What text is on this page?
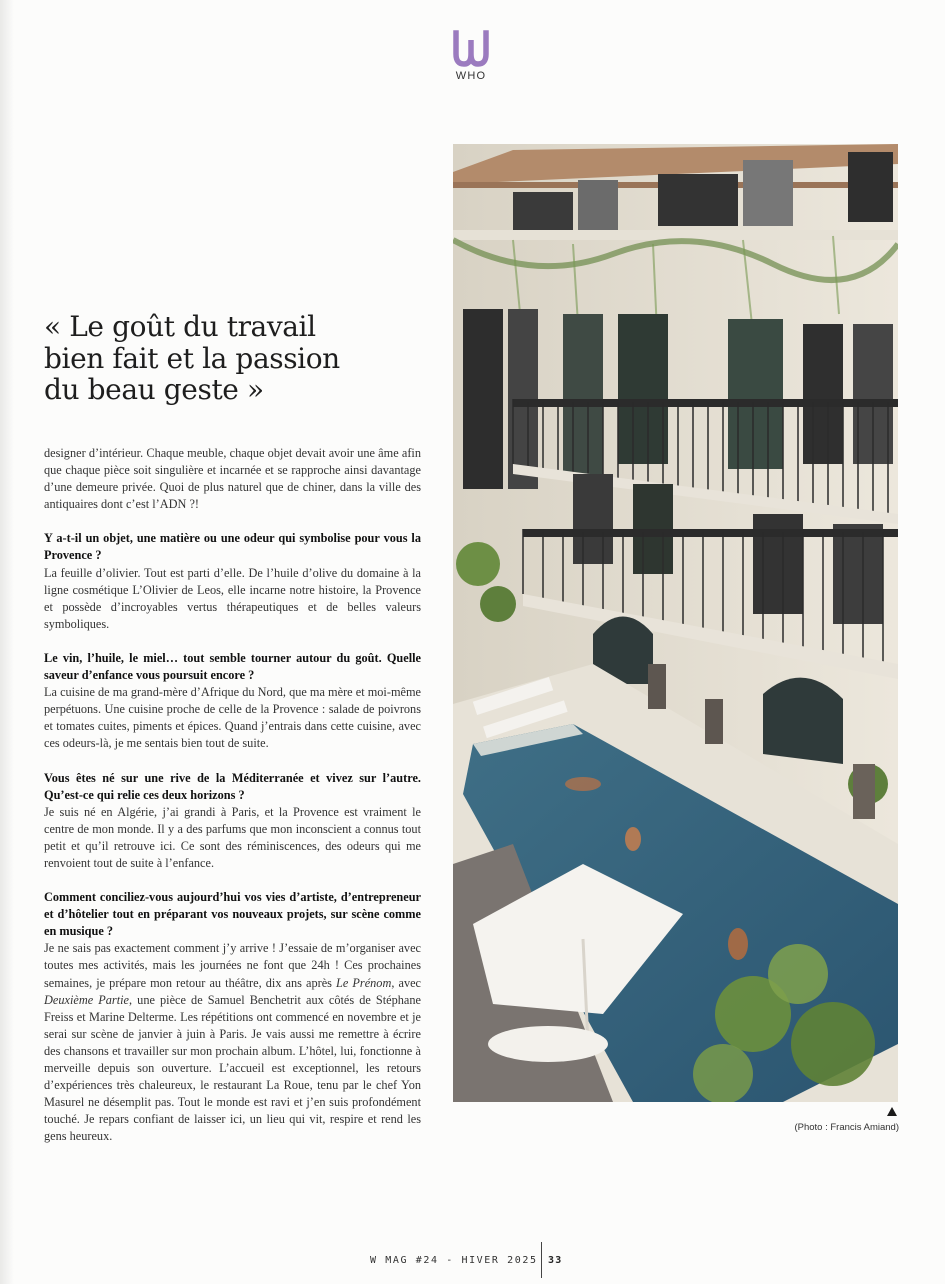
WHO
« Le goût du travail
bien fait et la passion
du beau geste »

designer d’intérieur. Chaque meuble, chaque objet devait avoir une âme afin que chaque pièce soit singulière et incarnée et se rapproche ainsi davantage d’une demeure privée. Quoi de plus naturel que de chiner, dans la ville des antiquaires dont c’est l’ADN ?!

Y a-t-il un objet, une matière ou une odeur qui symbolise pour vous la Provence ?

La feuille d’olivier. Tout est parti d’elle. De l’huile d’olive du domaine à la ligne cosmétique L’Olivier de Leos, elle incarne notre histoire, la Provence et possède d’incroyables vertus thérapeutiques et de belles valeurs symboliques.

Le vin, l’huile, le miel… tout semble tourner autour du goût. Quelle saveur d’enfance vous poursuit encore ?

La cuisine de ma grand-mère d’Afrique du Nord, que ma mère et moi-même perpétuons. Une cuisine proche de celle de la Provence : salade de poivrons et tomates cuites, piments et épices. Quand j’entrais dans cette cuisine, avec ces odeurs-là, je me sentais bien tout de suite.

Vous êtes né sur une rive de la Méditerranée et vivez sur l’autre. Qu’est-ce qui relie ces deux horizons ?

Je suis né en Algérie, j’ai grandi à Paris, et la Provence est vraiment le centre de mon monde. Il y a des parfums que mon inconscient a connus tout petit et qu’il retrouve ici. Ce sont des réminiscences, des odeurs qui me renvoient tout de suite à l’enfance.

Comment conciliez-vous aujourd’hui vos vies d’artiste, d’entrepreneur et d’hôtelier tout en préparant vos nouveaux projets, sur scène comme en musique ?

Je ne sais pas exactement comment j’y arrive ! J’essaie de m’organiser avec toutes mes activités, mais les journées ne font que 24h ! Ces prochaines semaines, je prépare mon retour au théâtre, dix ans après Le Prénom, avec Deuxième Partie, une pièce de Samuel Benchetrit aux côtés de Stéphane Freiss et Marine Delterme. Les répétitions ont commencé en novembre et je serai sur scène de janvier à juin à Paris. Je vais aussi me remettre à écrire des chansons et travailler sur mon prochain album. L’hôtel, lui, fonctionne à merveille depuis son ouverture. L’accueil est exceptionnel, les retours d’expériences très chaleureux, le restaurant La Roue, tenu par le chef Yon Masurel ne désemplit pas. Tout le monde est ravi et j’en suis profondément touché. Je repars confiant de laisser ici, un lieu qui vit, respire et rend les gens heureux.

(Photo : Francis Amiand)
W MAG #24 - HIVER 2025 33
